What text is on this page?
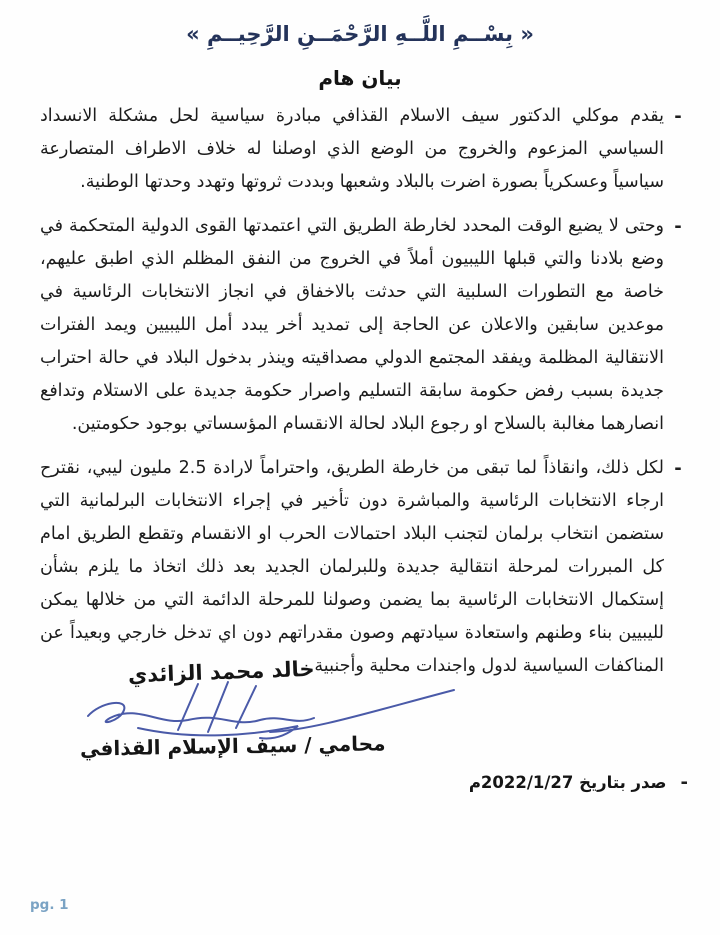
« بِسْــمِ اللَّــهِ الرَّحْمَــنِ الرَّحِيــمِ »
بيان هام
-

يقدم موكلي الدكتور سيف الاسلام القذافي مبادرة سياسية لحل مشكلة الانسداد السياسي المزعوم والخروج من الوضع الذي اوصلنا له خلاف الاطراف المتصارعة سياسياً وعسكرياً بصورة اضرت بالبلاد وشعبها وبددت ثروتها وتهدد وحدتها الوطنية.

-

وحتى لا يضيع الوقت المحدد لخارطة الطريق التي اعتمدتها القوى الدولية المتحكمة في وضع بلادنا والتي قبلها الليبيون أملاً في الخروج من النفق المظلم الذي اطبق عليهم، خاصة مع التطورات السلبية التي حدثت بالاخفاق في انجاز الانتخابات الرئاسية في موعدين سابقين والاعلان عن الحاجة إلى تمديد أخر يبدد أمل الليبيين ويمد الفترات الانتقالية المظلمة ويفقد المجتمع الدولي مصداقيته وينذر بدخول البلاد في حالة احتراب جديدة بسبب رفض حكومة سابقة التسليم واصرار حكومة جديدة على الاستلام وتدافع انصارهما مغالبة بالسلاح او رجوع البلاد لحالة الانقسام المؤسساتي بوجود حكومتين.

-

لكل ذلك، وانقاذاً لما تبقى من خارطة الطريق، واحتراماً لارادة 2.5 مليون ليبي، نقترح ارجاء الانتخابات الرئاسية والمباشرة دون تأخير في إجراء الانتخابات البرلمانية التي ستضمن انتخاب برلمان لتجنب البلاد احتمالات الحرب او الانقسام وتقطع الطريق امام كل المبررات لمرحلة انتقالية جديدة وللبرلمان الجديد بعد ذلك اتخاذ ما يلزم بشأن إستكمال الانتخابات الرئاسية بما يضمن وصولنا للمرحلة الدائمة التي من خلالها يمكن لليبيين بناء وطنهم واستعادة سيادتهم وصون مقدراتهم دون اي تدخل خارجي وبعيداً عن المناكفات السياسية لدول واجندات محلية وأجنبية.

خالد محمد الزائدي
محامي / سيف الإسلام القذافي
-
صدر بتاريخ 2022/1/27م
pg. 1
